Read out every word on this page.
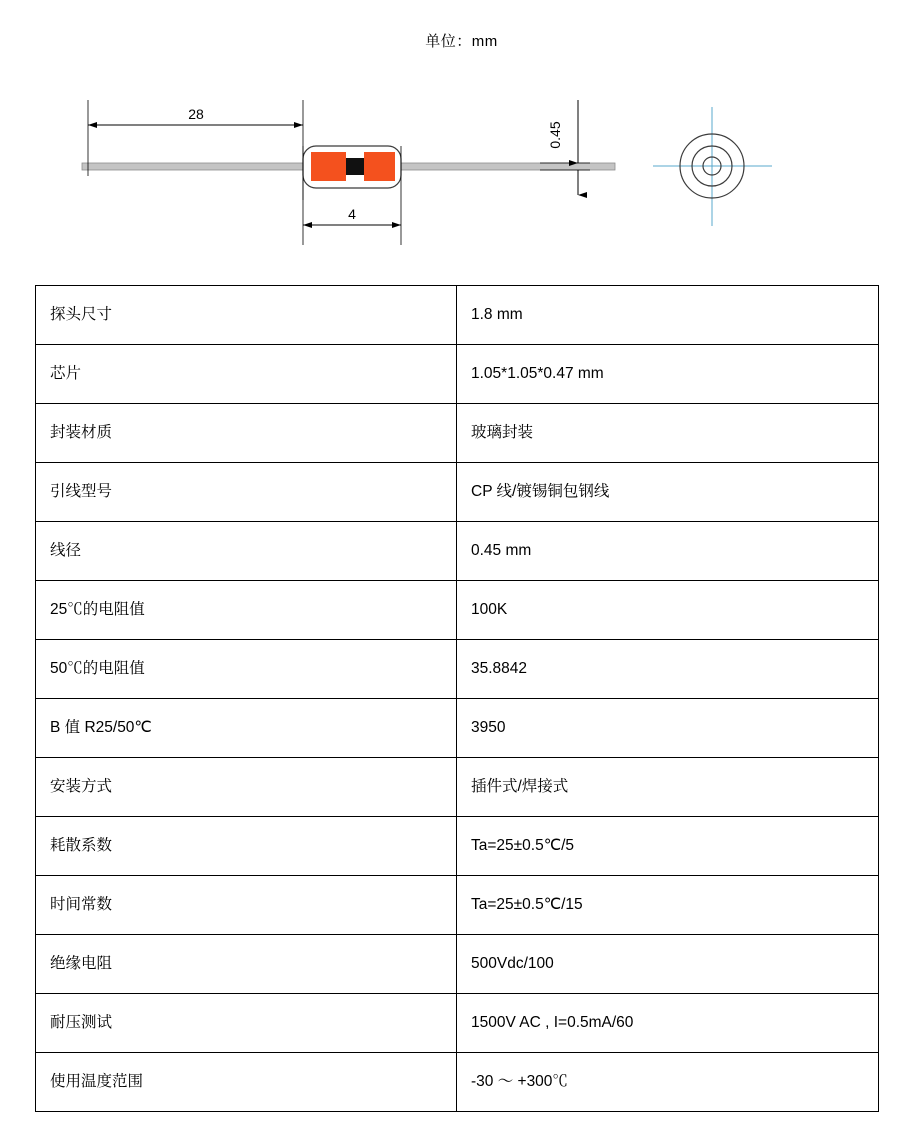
单位：mm
28
4
0.45
探头尺寸	1.8 mm
芯片	1.05*1.05*0.47 mm
封装材质	玻璃封装
引线型号	CP 线/镀锡铜包钢线
线径	0.45 mm
25℃的电阻值	100K
50℃的电阻值	35.8842
B 值 R25/50℃	3950
安装方式	插件式/焊接式
耗散系数	Ta=25±0.5℃/5
时间常数	Ta=25±0.5℃/15
绝缘电阻	500Vdc/100
耐压测试	1500V AC , I=0.5mA/60
使用温度范围	-30 ～ +300℃
